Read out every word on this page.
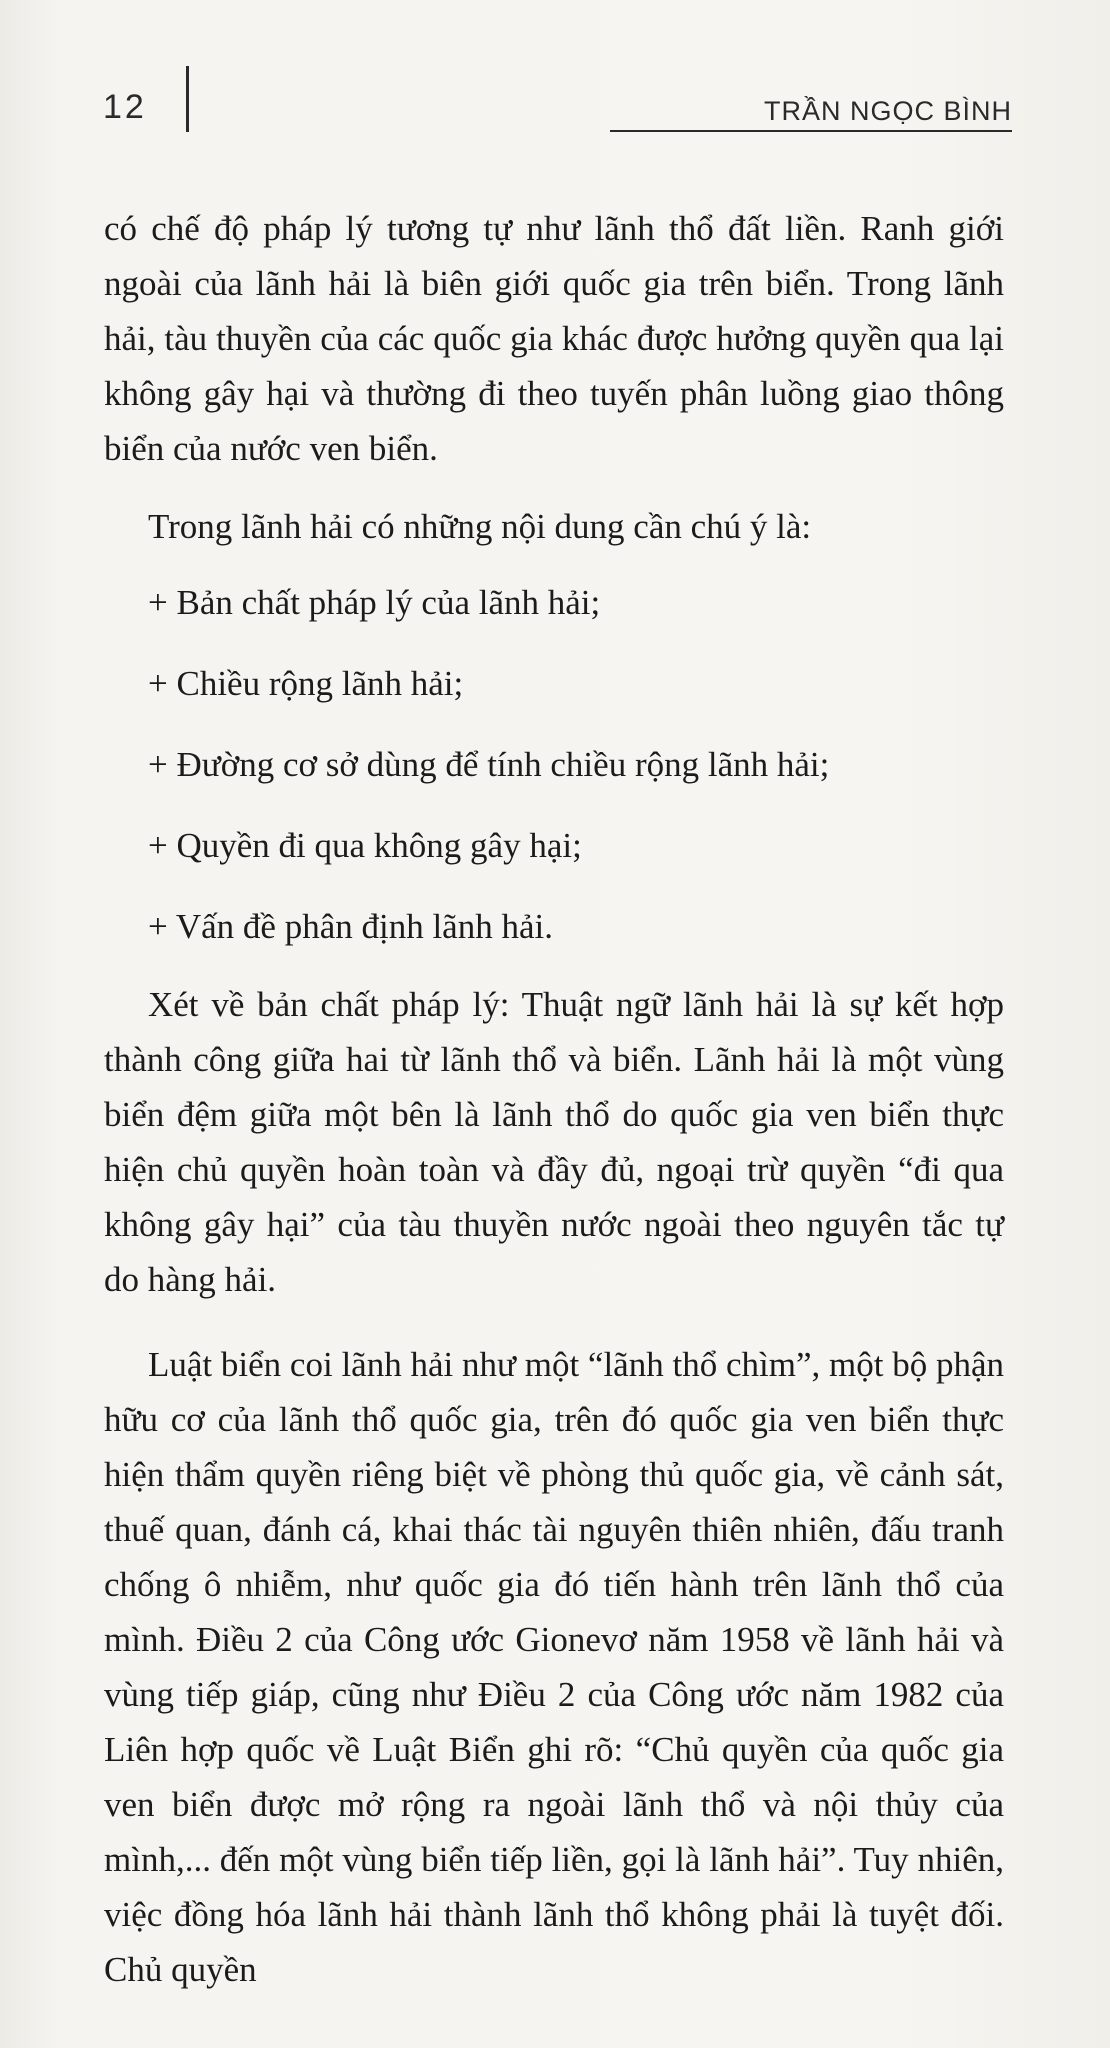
12	TRẦN NGỌC BÌNH

có chế độ pháp lý tương tự như lãnh thổ đất liền. Ranh giới ngoài của lãnh hải là biên giới quốc gia trên biển. Trong lãnh hải, tàu thuyền của các quốc gia khác được hưởng quyền qua lại không gây hại và thường đi theo tuyến phân luồng giao thông biển của nước ven biển.

Trong lãnh hải có những nội dung cần chú ý là:

+ Bản chất pháp lý của lãnh hải;

+ Chiều rộng lãnh hải;

+ Đường cơ sở dùng để tính chiều rộng lãnh hải;

+ Quyền đi qua không gây hại;

+ Vấn đề phân định lãnh hải.

Xét về bản chất pháp lý: Thuật ngữ lãnh hải là sự kết hợp thành công giữa hai từ lãnh thổ và biển. Lãnh hải là một vùng biển đệm giữa một bên là lãnh thổ do quốc gia ven biển thực hiện chủ quyền hoàn toàn và đầy đủ, ngoại trừ quyền “đi qua không gây hại” của tàu thuyền nước ngoài theo nguyên tắc tự do hàng hải.

Luật biển coi lãnh hải như một “lãnh thổ chìm”, một bộ phận hữu cơ của lãnh thổ quốc gia, trên đó quốc gia ven biển thực hiện thẩm quyền riêng biệt về phòng thủ quốc gia, về cảnh sát, thuế quan, đánh cá, khai thác tài nguyên thiên nhiên, đấu tranh chống ô nhiễm, như quốc gia đó tiến hành trên lãnh thổ của mình. Điều 2 của Công ước Gionevơ năm 1958 về lãnh hải và vùng tiếp giáp, cũng như Điều 2 của Công ước năm 1982 của Liên hợp quốc về Luật Biển ghi rõ: “Chủ quyền của quốc gia ven biển được mở rộng ra ngoài lãnh thổ và nội thủy của mình,... đến một vùng biển tiếp liền, gọi là lãnh hải”. Tuy nhiên, việc đồng hóa lãnh hải thành lãnh thổ không phải là tuyệt đối. Chủ quyền
